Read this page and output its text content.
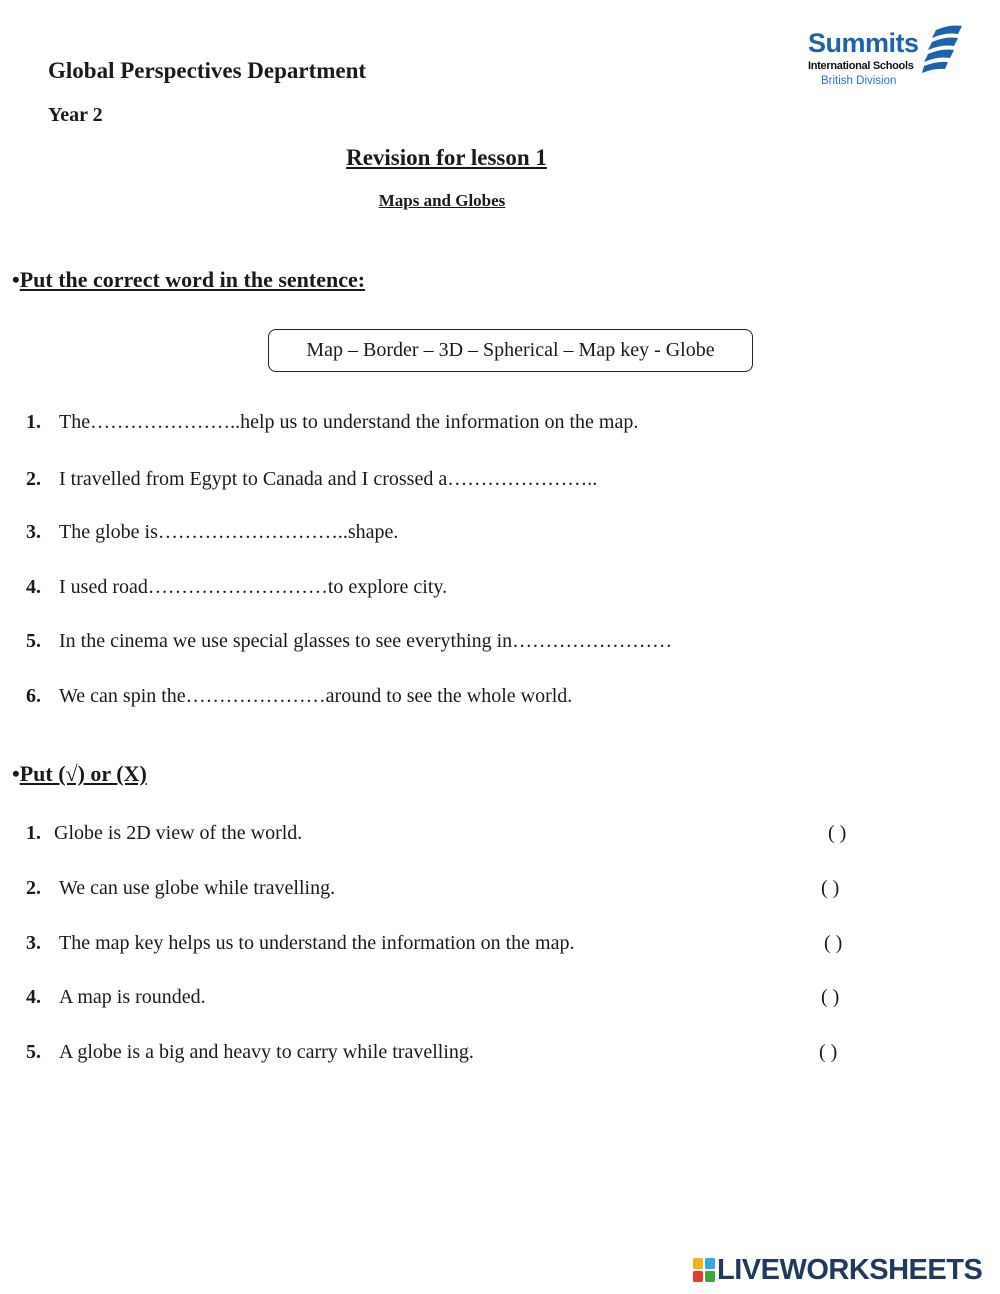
Global Perspectives Department
Year 2
Revision for lesson 1
Maps and Globes
Summits
International Schools
British Division
•Put the correct word in the sentence:
Map – Border – 3D – Spherical – Map key - Globe
1. The…………………..help us to understand the information on the map.
2. I travelled from Egypt to Canada and I crossed a…………………..
3. The globe is………………………..shape.
4. I used road………………………to explore city.
5. In the cinema we use special glasses to see everything in……………………
6. We can spin the…………………around to see the whole world.
•Put (√) or (X)
1. Globe is 2D view of the world.	( )
2. We can use globe while travelling.	( )
3. The map key helps us to understand the information on the map.	( )
4. A map is rounded.	( )
5. A globe is a big and heavy to carry while travelling.	( )
LIVEWORKSHEETS
